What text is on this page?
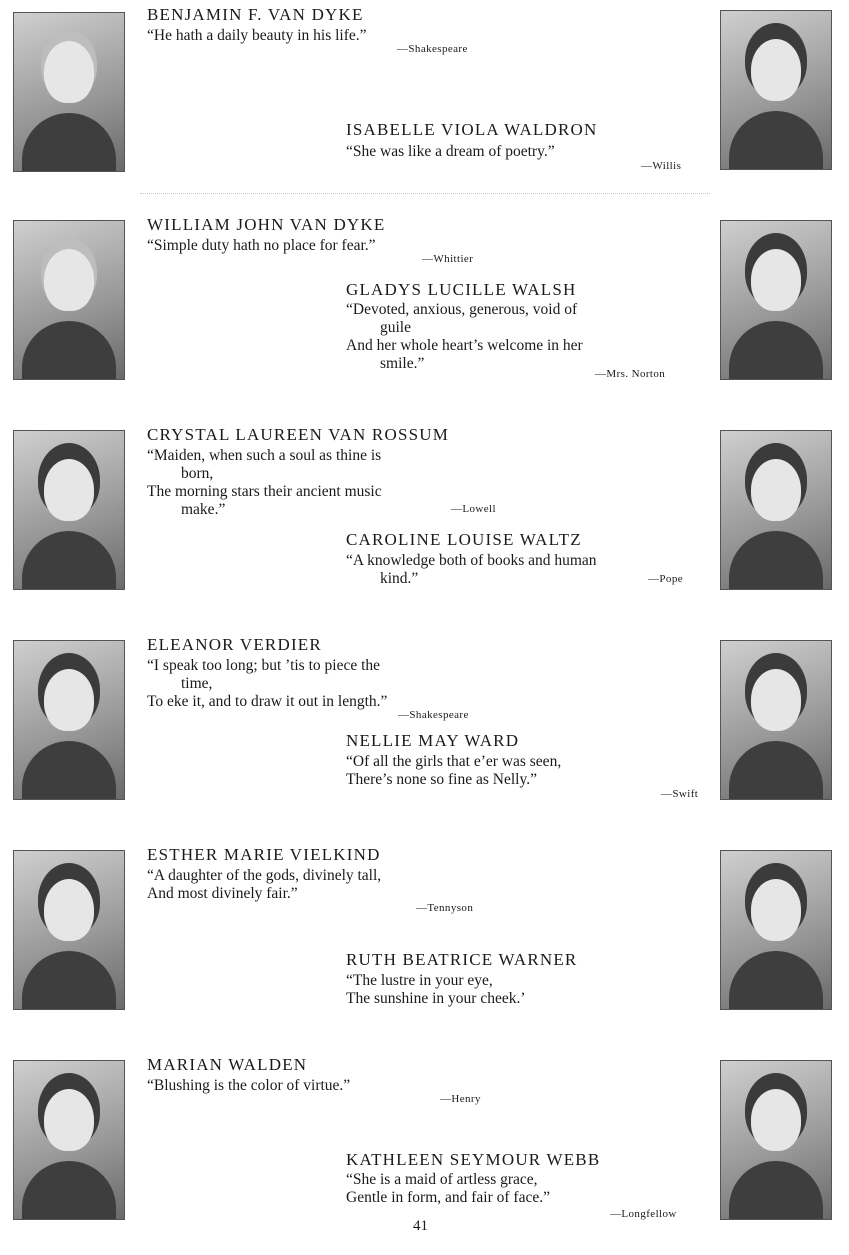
BENJAMIN F. VAN DYKE
“He hath a daily beauty in his life.”
—Shakespeare
ISABELLE VIOLA WALDRON
“She was like a dream of poetry.”
—Willis
WILLIAM JOHN VAN DYKE
“Simple duty hath no place for fear.”
—Whittier
GLADYS LUCILLE WALSH
“Devoted, anxious, generous, void of
guile
And her whole heart’s welcome in her
smile.”
—Mrs. Norton
CRYSTAL LAUREEN VAN ROSSUM
“Maiden, when such a soul as thine is
born,
The morning stars their ancient music
make.”	—Lowell
CAROLINE LOUISE WALTZ
“A knowledge both of books and human
kind.”	—Pope
ELEANOR VERDIER
“I speak too long; but ’tis to piece the
time,
To eke it, and to draw it out in length.”
—Shakespeare
NELLIE MAY WARD
“Of all the girls that e’er was seen,
There’s none so fine as Nelly.”
—Swift
ESTHER MARIE VIELKIND
“A daughter of the gods, divinely tall,
And most divinely fair.”
—Tennyson
RUTH BEATRICE WARNER
“The lustre in your eye,
The sunshine in your cheek.’
MARIAN WALDEN
“Blushing is the color of virtue.”
—Henry
KATHLEEN SEYMOUR WEBB
“She is a maid of artless grace,
Gentle in form, and fair of face.”
—Longfellow
41
